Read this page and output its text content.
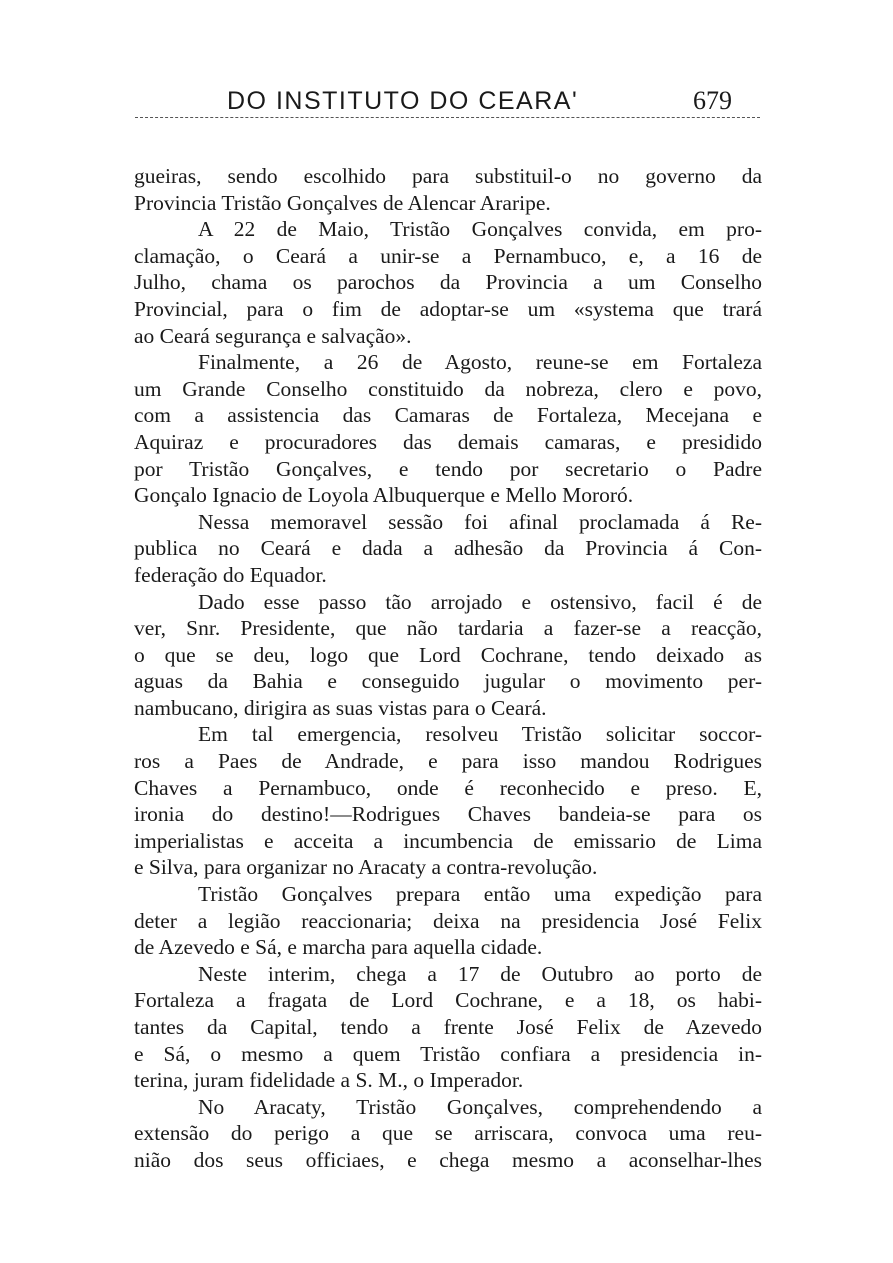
DO INSTITUTO DO CEARA'	679
gueiras, sendo escolhido para substituil-o no governo da
Provincia Tristão Gonçalves de Alencar Araripe.
A 22 de Maio, Tristão Gonçalves convida, em pro-
clamação, o Ceará a unir-se a Pernambuco, e, a 16 de
Julho, chama os parochos da Provincia a um Conselho
Provincial, para o fim de adoptar-se um «systema que trará
ao Ceará segurança e salvação».
Finalmente, a 26 de Agosto, reune-se em Fortaleza
um Grande Conselho constituido da nobreza, clero e povo,
com a assistencia das Camaras de Fortaleza, Mecejana e
Aquiraz e procuradores das demais camaras, e presidido
por Tristão Gonçalves, e tendo por secretario o Padre
Gonçalo Ignacio de Loyola Albuquerque e Mello Mororó.
Nessa memoravel sessão foi afinal proclamada á Re-
publica no Ceará e dada a adhesão da Provincia á Con-
federação do Equador.
Dado esse passo tão arrojado e ostensivo, facil é de
ver, Snr. Presidente, que não tardaria a fazer-se a reacção,
o que se deu, logo que Lord Cochrane, tendo deixado as
aguas da Bahia e conseguido jugular o movimento per-
nambucano, dirigira as suas vistas para o Ceará.
Em tal emergencia, resolveu Tristão solicitar soccor-
ros a Paes de Andrade, e para isso mandou Rodrigues
Chaves a Pernambuco, onde é reconhecido e preso. E,
ironia do destino!—Rodrigues Chaves bandeia-se para os
imperialistas e acceita a incumbencia de emissario de Lima
e Silva, para organizar no Aracaty a contra-revolução.
Tristão Gonçalves prepara então uma expedição para
deter a legião reaccionaria; deixa na presidencia José Felix
de Azevedo e Sá, e marcha para aquella cidade.
Neste interim, chega a 17 de Outubro ao porto de
Fortaleza a fragata de Lord Cochrane, e a 18, os habi-
tantes da Capital, tendo a frente José Felix de Azevedo
e Sá, o mesmo a quem Tristão confiara a presidencia in-
terina, juram fidelidade a S. M., o Imperador.
No Aracaty, Tristão Gonçalves, comprehendendo a
extensão do perigo a que se arriscara, convoca uma reu-
nião dos seus officiaes, e chega mesmo a aconselhar-lhes
